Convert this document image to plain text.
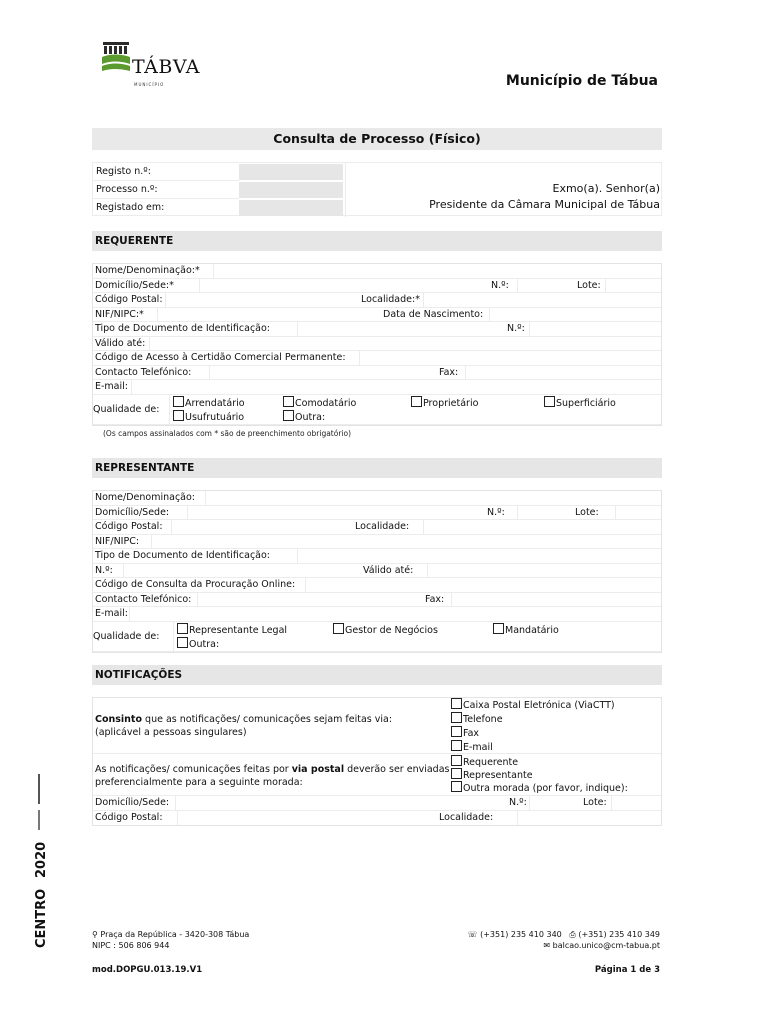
TÁBVA
MUNICÍPIO	Município de Tábua
Consulta de Processo (Físico)
Registo n.º:
Processo n.º:
Registado em:
Exmo(a). Senhor(a)
Presidente da Câmara Municipal de Tábua
REQUERENTE
Nome/Denominação:*
Domicílio/Sede:*	N.º:	Lote:
Código Postal:	Localidade:*
NIF/NIPC:*	Data de Nascimento:
Tipo de Documento de Identificação:	N.º:
Válido até:
Código de Acesso à Certidão Comercial Permanente:
Contacto Telefónico:	Fax:
E-mail:
Qualidade de:
Arrendatário	Comodatário	Proprietário	Superficiário
Usufrutuário	Outra:
(Os campos assinalados com * são de preenchimento obrigatório)
REPRESENTANTE
Nome/Denominação:
Domicílio/Sede:	N.º:	Lote:
Código Postal:	Localidade:
NIF/NIPC:
Tipo de Documento de Identificação:
N.º:	Válido até:
Código de Consulta da Procuração Online:
Contacto Telefónico:	Fax:
E-mail:
Qualidade de:
Representante Legal	Gestor de Negócios	Mandatário
Outra:
NOTIFICAÇÕES
Consinto que as notificações/ comunicações sejam feitas via:
(aplicável a pessoas singulares)
Caixa Postal Eletrónica (ViaCTT)
Telefone
Fax
E-mail
As notificações/ comunicações feitas por via postal deverão ser enviadas
preferencialmente para a seguinte morada:
Requerente
Representante
Outra morada (por favor, indique):
Domicílio/Sede:	N.º:	Lote:
Código Postal:	Localidade:
2020
CENTRO	⚲ Praça da República - 3420-308 Tábua
NIPC : 506 806 944
☏ (+351) 235 410 340 ⎙ (+351) 235 410 349
✉ balcao.unico@cm-tabua.pt
mod.DOPGU.013.19.V1	Página 1 de 3
